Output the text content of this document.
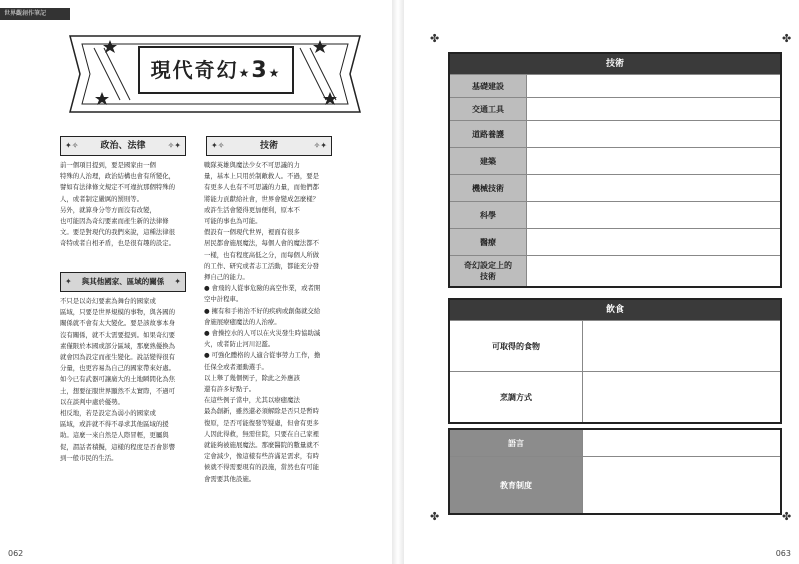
世界觀創作筆記
現代奇幻★3★
✦✧ 政治、法律	✧✦
前一個項目提到，要是國家由一個
特殊的人治理，政治結構也會有所變化，
譬如有法律條文規定不可違抗那個特殊的
人，或者制定嚴厲的罰則等。
另外，就算身分等方面沒有改變，
也可能因為奇幻要素而產生新的法律條
文。要是對現代的我們來說，這種法律很
奇特或者自相矛盾，也是很有趣的設定。
✦ 與其他國家、區域的關係 ✦
不只是以奇幻要素為舞台的國家或
區域，只要是世界規模的事物，與各國的
關係就不會有太大變化。要是該故事本身
沒有關係，就不太需要提到。如果奇幻要
素僅限於本國或部分區域，那麼熟優換為
就會因為設定而產生變化。說話變得很有
分量，也更容易為自己的國家帶來好處。
如今已有武器可讓廣大的土地瞬間化為焦
土，想要征服世界顯然不太實際，不過可
以在談判中處於優勢。
相反地，若是設定為弱小的國家或
區域，或許就不得不尋求其他區域的援
助。這麼一來自然是人際冒輕，更屬與
促，謂話者積擬，這樣的程度是否會影響
到一般市民的生活。
✦✧	技術	✧✦
戰隊英雄與魔法少女不可思議的力
量，基本上只用於制敵救人。不過，要是
有更多人也有不可思議的力量，而他們都
將能力貢獻給社會，世界會變成怎麼樣？
或許生活會變得更加便利，原本不
可能的事也為可能。
假設有一個現代世界，裡面有很多
居民都會施展魔法，每個人會的魔法都不
一樣，也有程度高低之分，而每個人所做
的工作、研究或者志工活動，都能充分發
揮自己的能力。
● 會飛的人從事危險的高空作業，或者開
空中計程車。
● 擁有和手術治不好的疾病或創傷就交給
會施展療癒魔法的人治療。
● 會操控水的人可以在火災發生時協助滅
火，或者防止河川氾濫。
● 可強化體格的人適合從事勞力工作，擔
任保全或者運動選手。
以上舉了幾個例子，除此之外應該
還有許多好點子。
在這些例子當中，尤其以療癒魔法
最為創新，雖然還必須解除是否只是暫時
復原，是否可能復發等疑慮，但會有更多
人因此得救，無需住院，只要在自己家裡
就能夠被施展魔法。那麼醫院的數量就不
定會減少，像這樣有些許滿足需求，有時
候就不得需要現有的設施，當然也有可能
會需要其他設施。
062
✤	✤
✤	✤
技術
基礎建設
交通工具
道路養護
建築
機械技術
科學
醫療
奇幻設定上的
技術
飲食
可取得的食物
烹調方式
語言
教育制度
063
